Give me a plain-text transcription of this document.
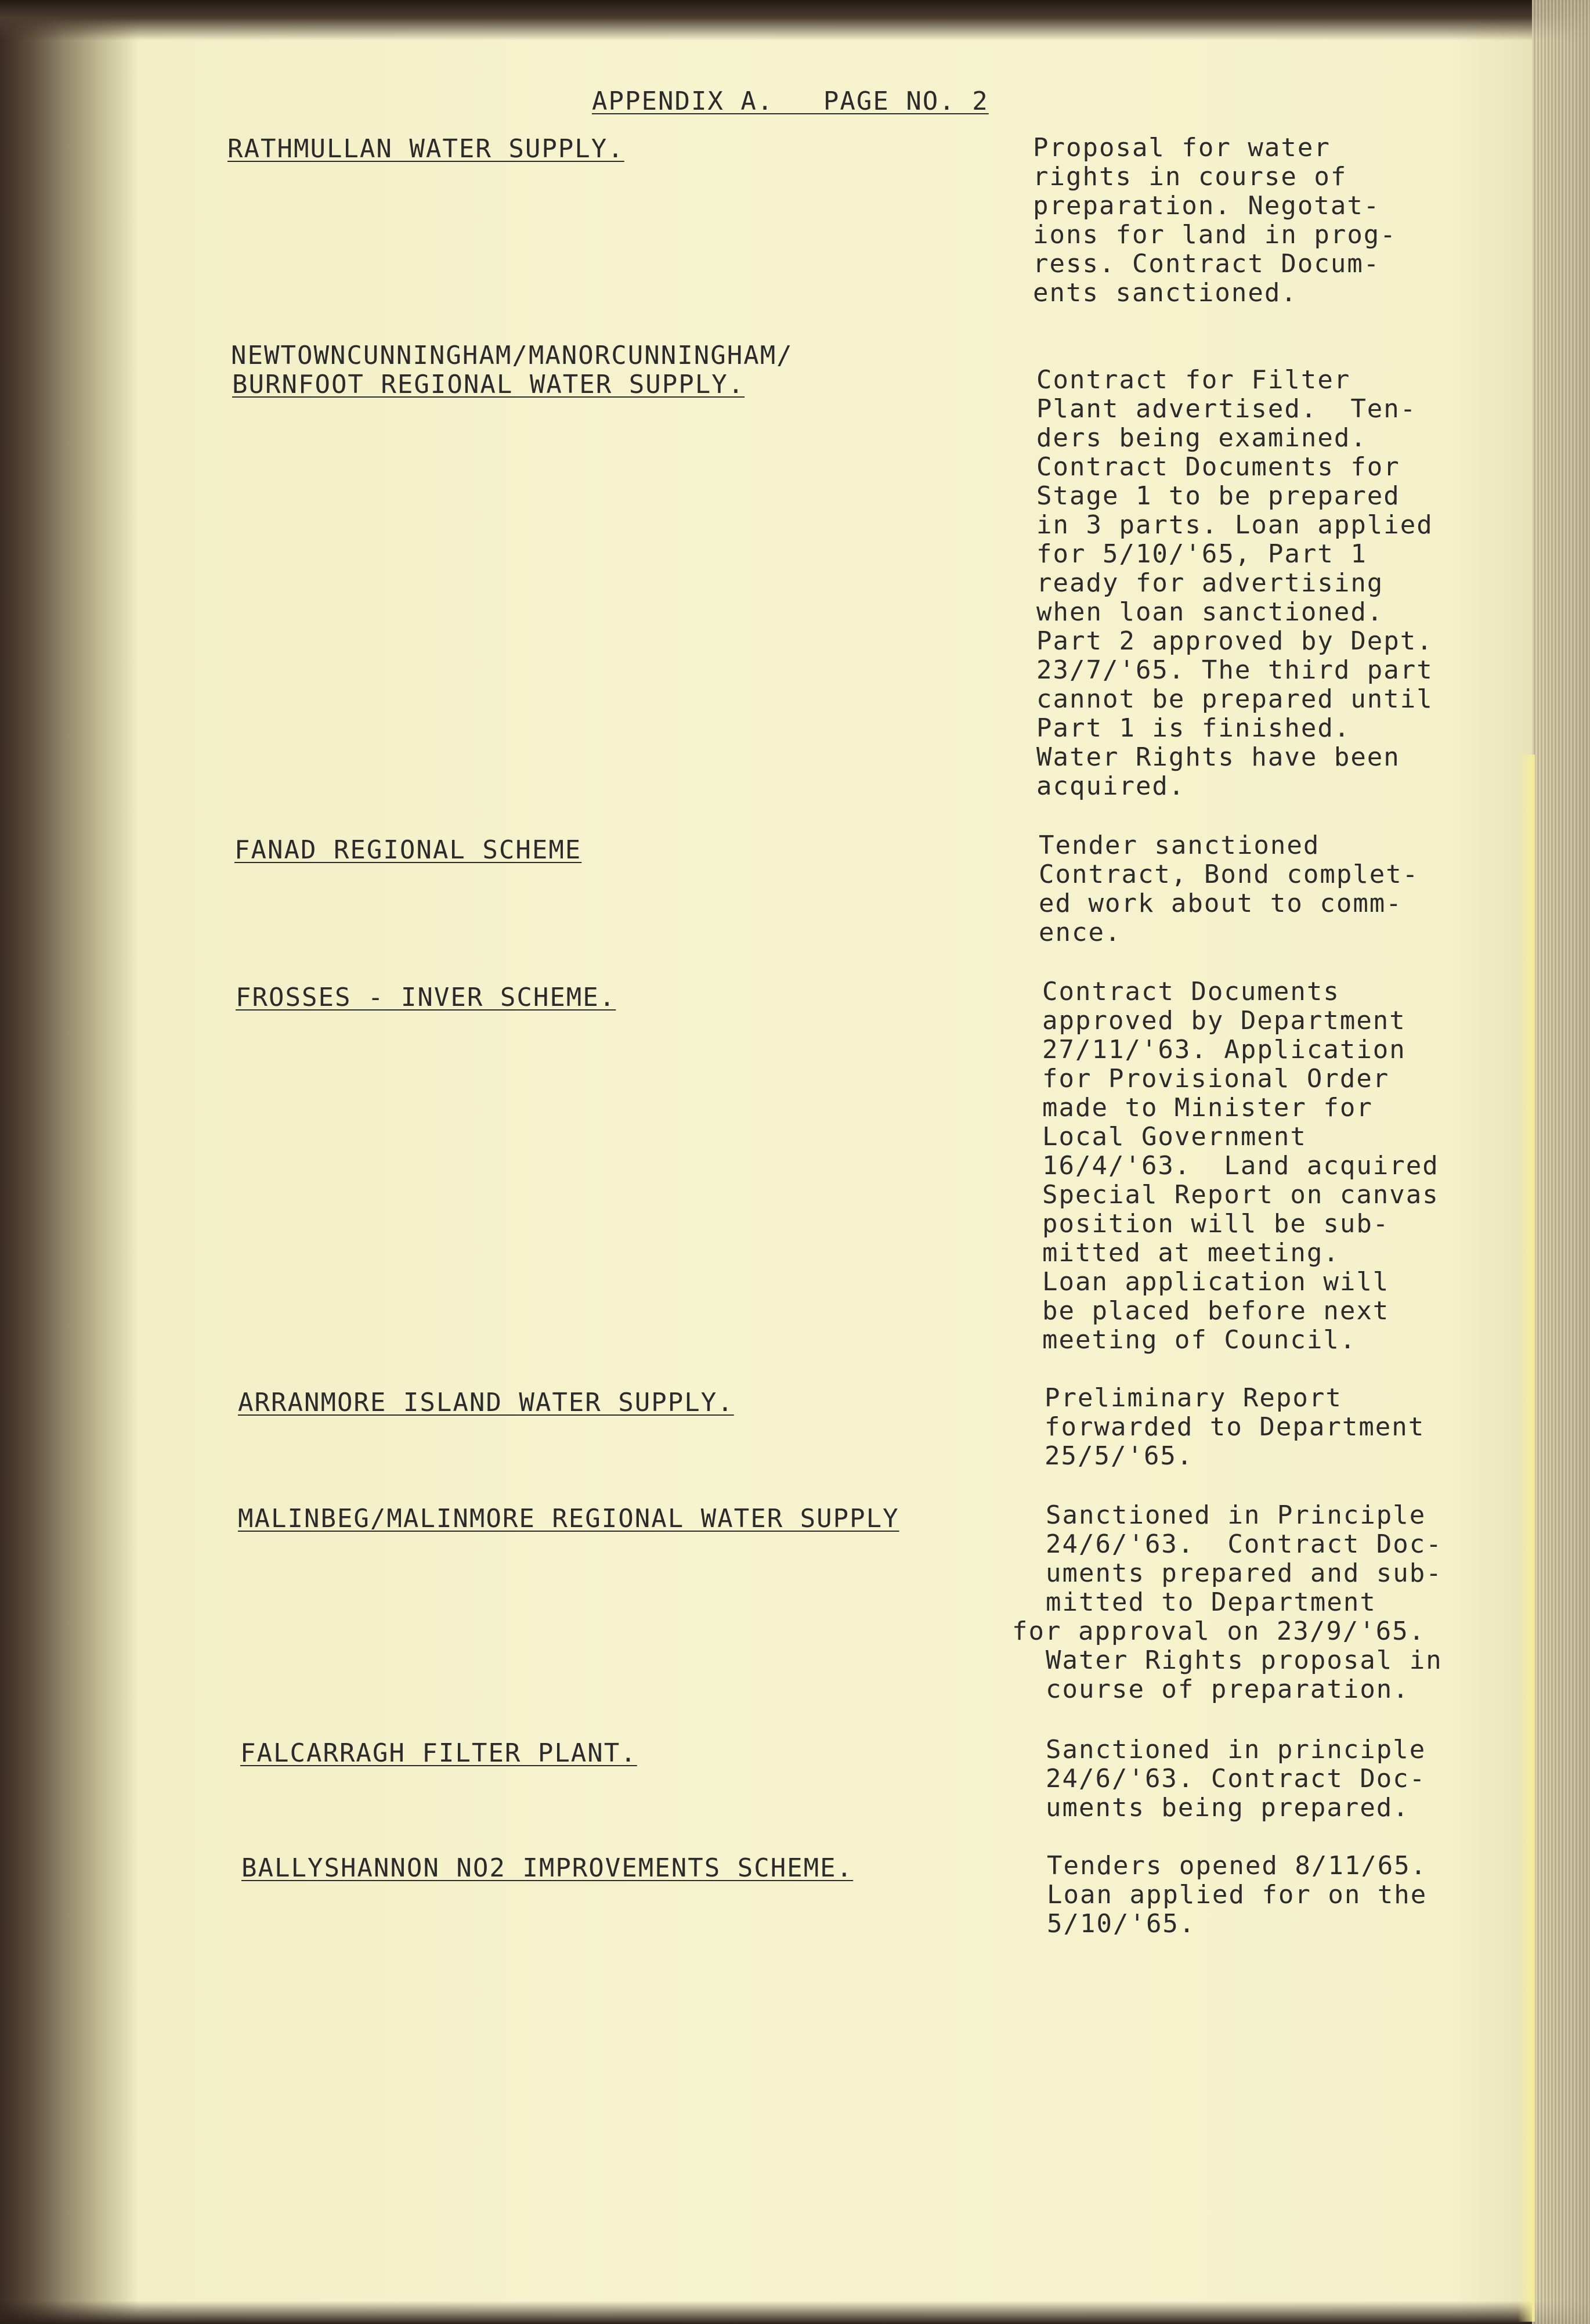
APPENDIX A.   PAGE NO. 2

RATHMULLAN WATER SUPPLY.	Proposal for water

rights in course of

preparation. Negotat-

ions for land in prog-

ress. Contract Docum-

ents sanctioned.

NEWTOWNCUNNINGHAM/MANORCUNNINGHAM/

BURNFOOT REGIONAL WATER SUPPLY.	Contract for Filter

Plant advertised.  Ten-

ders being examined.

Contract Documents for

Stage 1 to be prepared

in 3 parts. Loan applied

for 5/10/'65, Part 1

ready for advertising

when loan sanctioned.

Part 2 approved by Dept.

23/7/'65. The third part

cannot be prepared until

Part 1 is finished.

Water Rights have been

acquired.

FANAD REGIONAL SCHEME	Tender sanctioned

Contract, Bond complet-

ed work about to comm-

ence.

FROSSES - INVER SCHEME.	Contract Documents

approved by Department

27/11/'63. Application

for Provisional Order

made to Minister for

Local Government

16/4/'63.  Land acquired

Special Report on canvas

position will be sub-

mitted at meeting.

Loan application will

be placed before next

meeting of Council.

ARRANMORE ISLAND WATER SUPPLY.	Preliminary Report

forwarded to Department

25/5/'65.

MALINBEG/MALINMORE REGIONAL WATER SUPPLY	Sanctioned in Principle

24/6/'63.  Contract Doc-

uments prepared and sub-

mitted to Department

for approval on 23/9/'65.

Water Rights proposal in

course of preparation.

FALCARRAGH FILTER PLANT.	Sanctioned in principle

24/6/'63. Contract Doc-

uments being prepared.

BALLYSHANNON NO2 IMPROVEMENTS SCHEME.	Tenders opened 8/11/65.

Loan applied for on the

5/10/'65.
